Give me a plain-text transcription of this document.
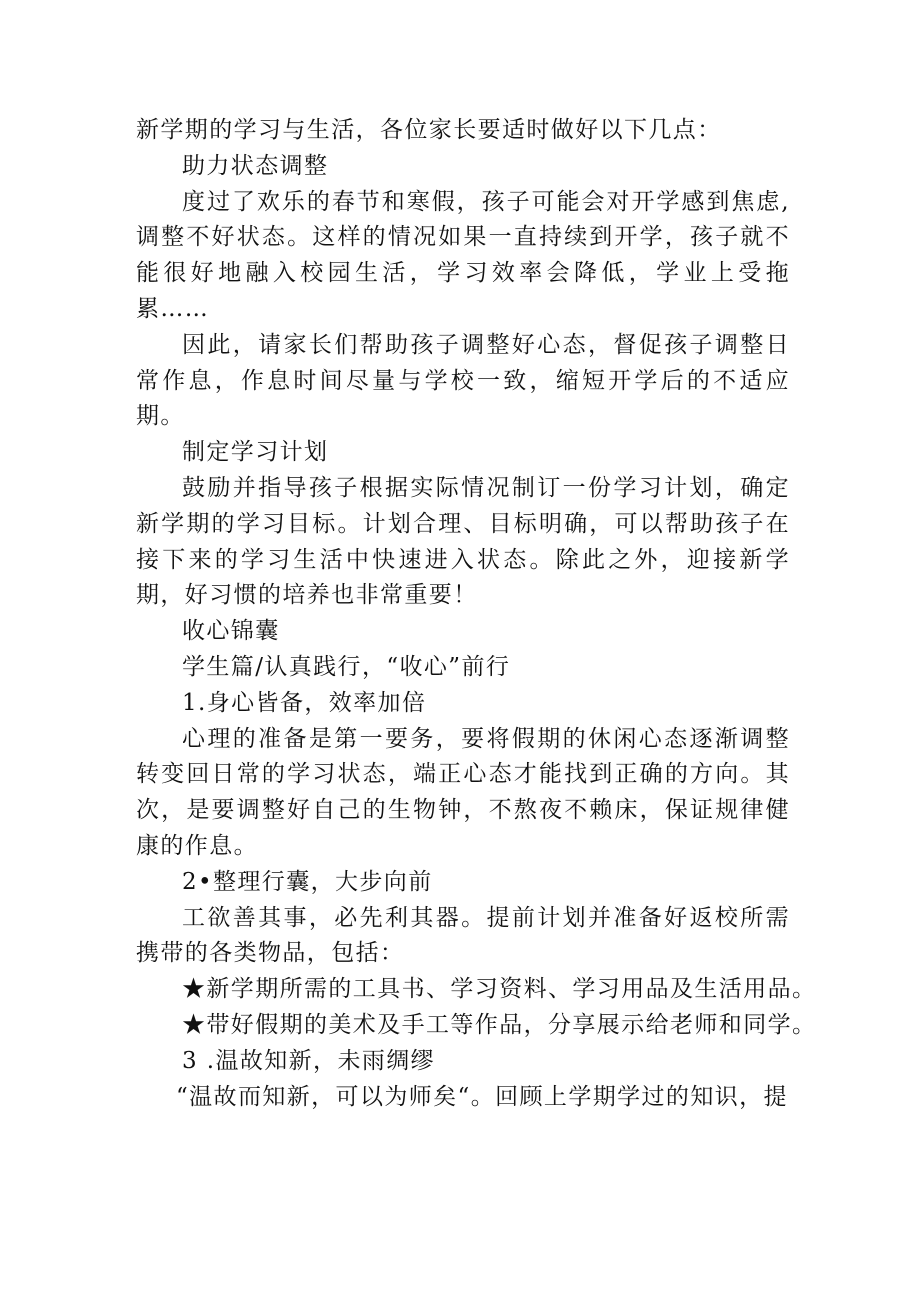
新学期的学习与生活，各位家长要适时做好以下几点：

助力状态调整

度过了欢乐的春节和寒假，孩子可能会对开学感到焦虑,调整不好状态。这样的情况如果一直持续到开学，孩子就不能很好地融入校园生活，学习效率会降低，学业上受拖累……

因此，请家长们帮助孩子调整好心态，督促孩子调整日常作息，作息时间尽量与学校一致，缩短开学后的不适应期。

制定学习计划

鼓励并指导孩子根据实际情况制订一份学习计划，确定新学期的学习目标。计划合理、目标明确，可以帮助孩子在接下来的学习生活中快速进入状态。除此之外，迎接新学期，好习惯的培养也非常重要！

收心锦囊

学生篇/认真践行，“收心”前行

1.身心皆备，效率加倍

心理的准备是第一要务，要将假期的休闲心态逐渐调整转变回日常的学习状态，端正心态才能找到正确的方向。其次，是要调整好自己的生物钟，不熬夜不赖床，保证规律健康的作息。

2•整理行囊，大步向前

工欲善其事，必先利其器。提前计划并准备好返校所需携带的各类物品，包括：

★新学期所需的工具书、学习资料、学习用品及生活用品。

★带好假期的美术及手工等作品，分享展示给老师和同学。

3 .温故知新，未雨绸缪

“温故而知新，可以为师矣“。回顾上学期学过的知识，提
